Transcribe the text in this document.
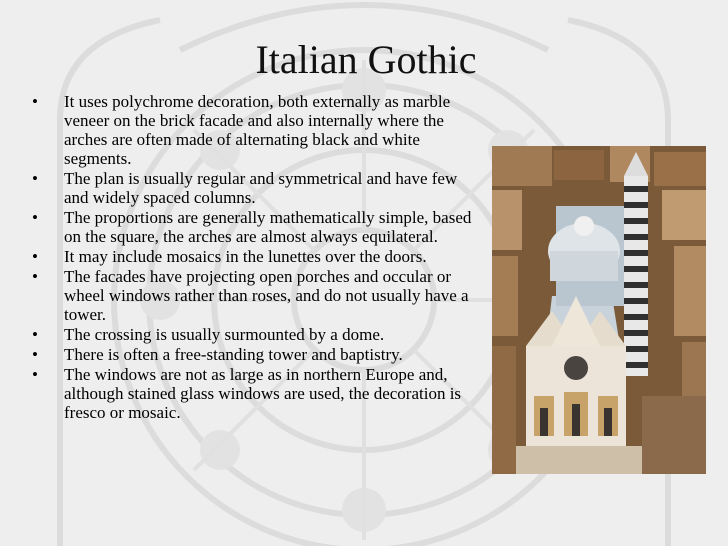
Italian Gothic
• It uses polychrome decoration, both externally as marble veneer on the brick facade and also internally where the arches are often made of alternating black and white segments.
• The plan is usually regular and symmetrical and have few and widely spaced columns.
• The proportions are generally mathematically simple, based on the square, the arches are almost always equilateral.
• It may include mosaics in the lunettes over the doors.
• The facades have projecting open porches and occular or wheel windows rather than roses, and do not usually have a tower.
• The crossing is usually surmounted by a dome.
• There is often a free-standing tower and baptistry.
• The windows are not as large as in northern Europe and, although stained glass windows are used, the decoration is fresco or mosaic.
